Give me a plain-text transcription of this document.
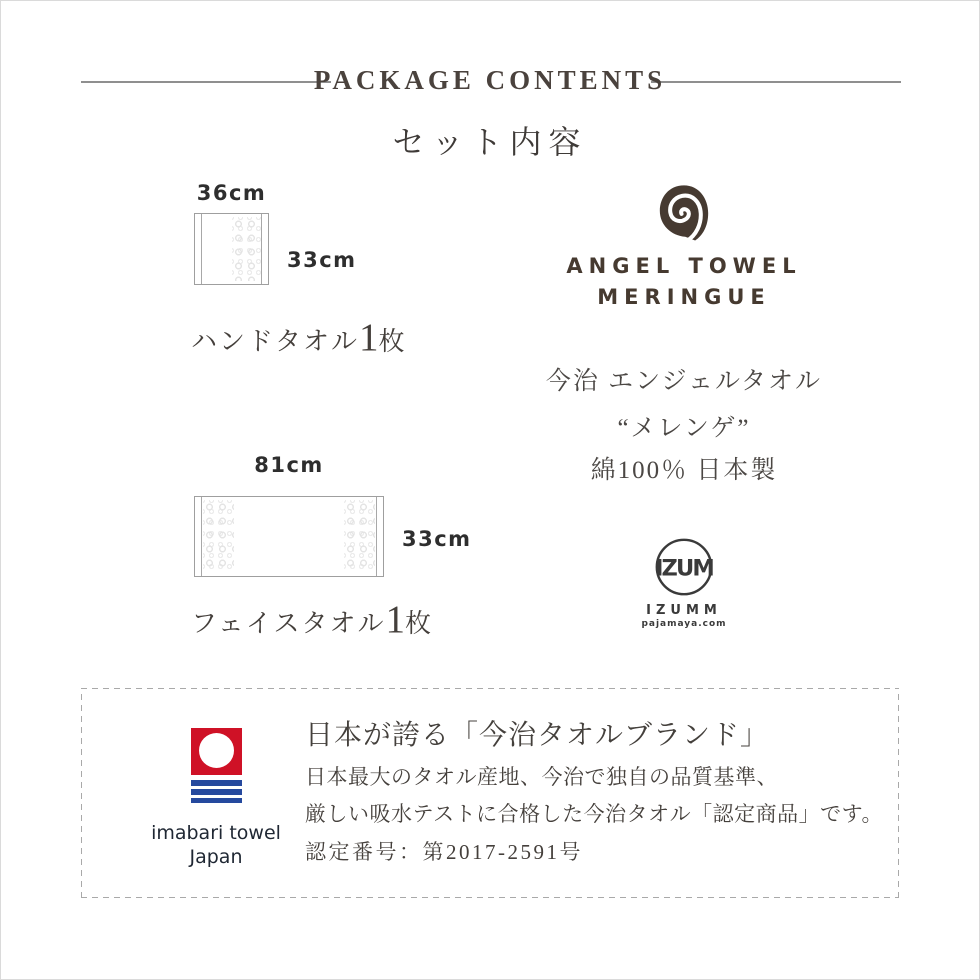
PACKAGE CONTENTS
セット内容
36cm
33cm
ハンドタオル1枚
81cm
33cm
フェイスタオル1枚
ANGEL TOWEL
MERINGUE
今治 エンジェルタオル
“メレンゲ”
綿100％ 日本製
IZUM
IZUMM
pajamaya.com
imabari towel
Japan
日本が誇る「今治タオルブランド」
日本最大のタオル産地、今治で独自の品質基準、
厳しい吸水テストに合格した今治タオル「認定商品」です。
認定番号：第2017-2591号
